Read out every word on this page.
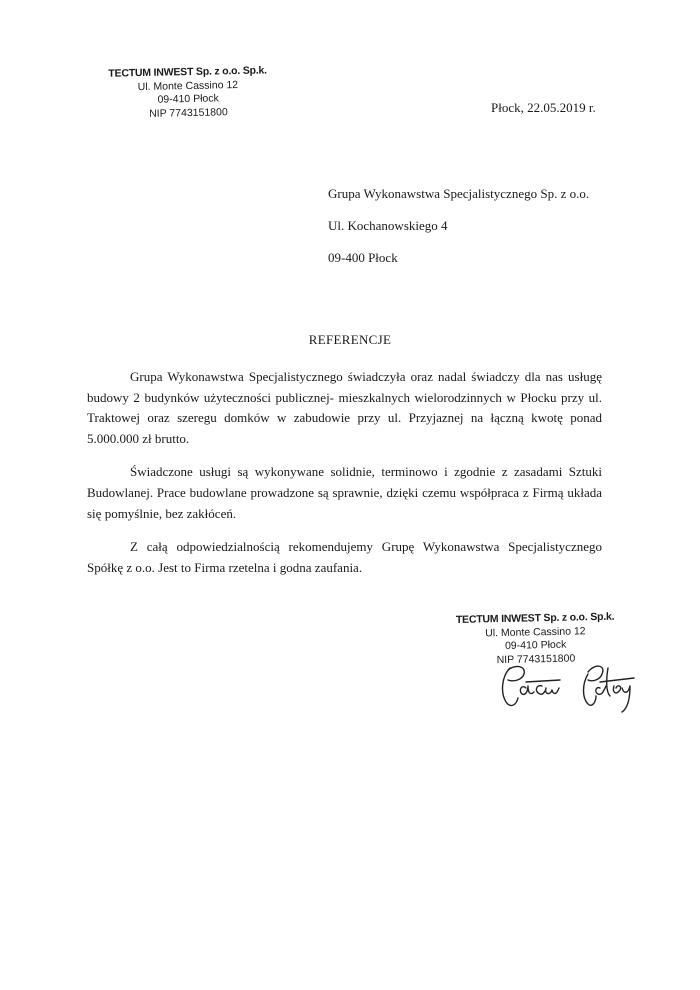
TECTUM INWEST Sp. z o.o. Sp.k.
Ul. Monte Cassino 12
09-410 Płock
NIP 7743151800	Płock, 22.05.2019 r.
Grupa Wykonawstwa Specjalistycznego Sp. z o.o.
Ul. Kochanowskiego 4
09-400 Płock
REFERENCJE

Grupa Wykonawstwa Specjalistycznego świadczyła oraz nadal świadczy dla nas usługę budowy 2 budynków użyteczności publicznej- mieszkalnych wielorodzinnych w Płocku przy ul. Traktowej oraz szeregu domków w zabudowie przy ul. Przyjaznej na łączną kwotę ponad 5.000.000 zł brutto.

Świadczone usługi są wykonywane solidnie, terminowo i zgodnie z zasadami Sztuki Budowlanej. Prace budowlane prowadzone są sprawnie, dzięki czemu współpraca z Firmą układa się pomyślnie, bez zakłóceń.

Z całą odpowiedzialnością rekomendujemy Grupę Wykonawstwa Specjalistycznego Spółkę z o.o. Jest to Firma rzetelna i godna zaufania.

TECTUM INWEST Sp. z o.o. Sp.k.
Ul. Monte Cassino 12
09-410 Płock
NIP 7743151800
